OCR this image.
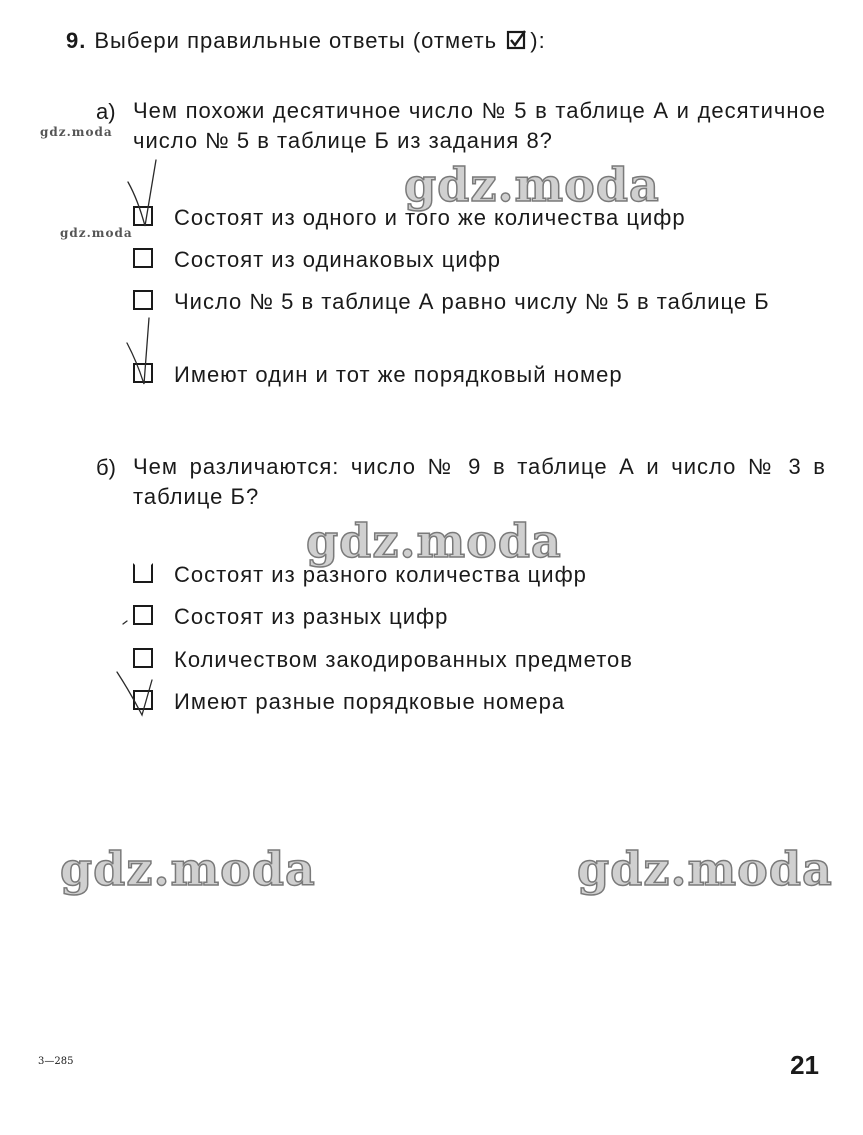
9. Выбери правильные ответы (отметь ):
а) Чем похожи десятичное число № 5 в таблице А и десятичное число № 5 в таблице Б из задания 8?
Состоят из одного и того же количества цифр
Состоят из одинаковых цифр
Число № 5 в таблице А равно числу № 5 в таблице Б
Имеют один и тот же порядковый номер
б) Чем различаются: число № 9 в таблице А и число № 3 в таблице Б?
Состоят из разного количества цифр
Состоят из разных цифр
Количеством закодированных предметов
Имеют разные порядковые номера
gdz.moda
gdz.moda
gdz.moda	gdz.moda
gdz.moda
gdz.moda
3—285	21
